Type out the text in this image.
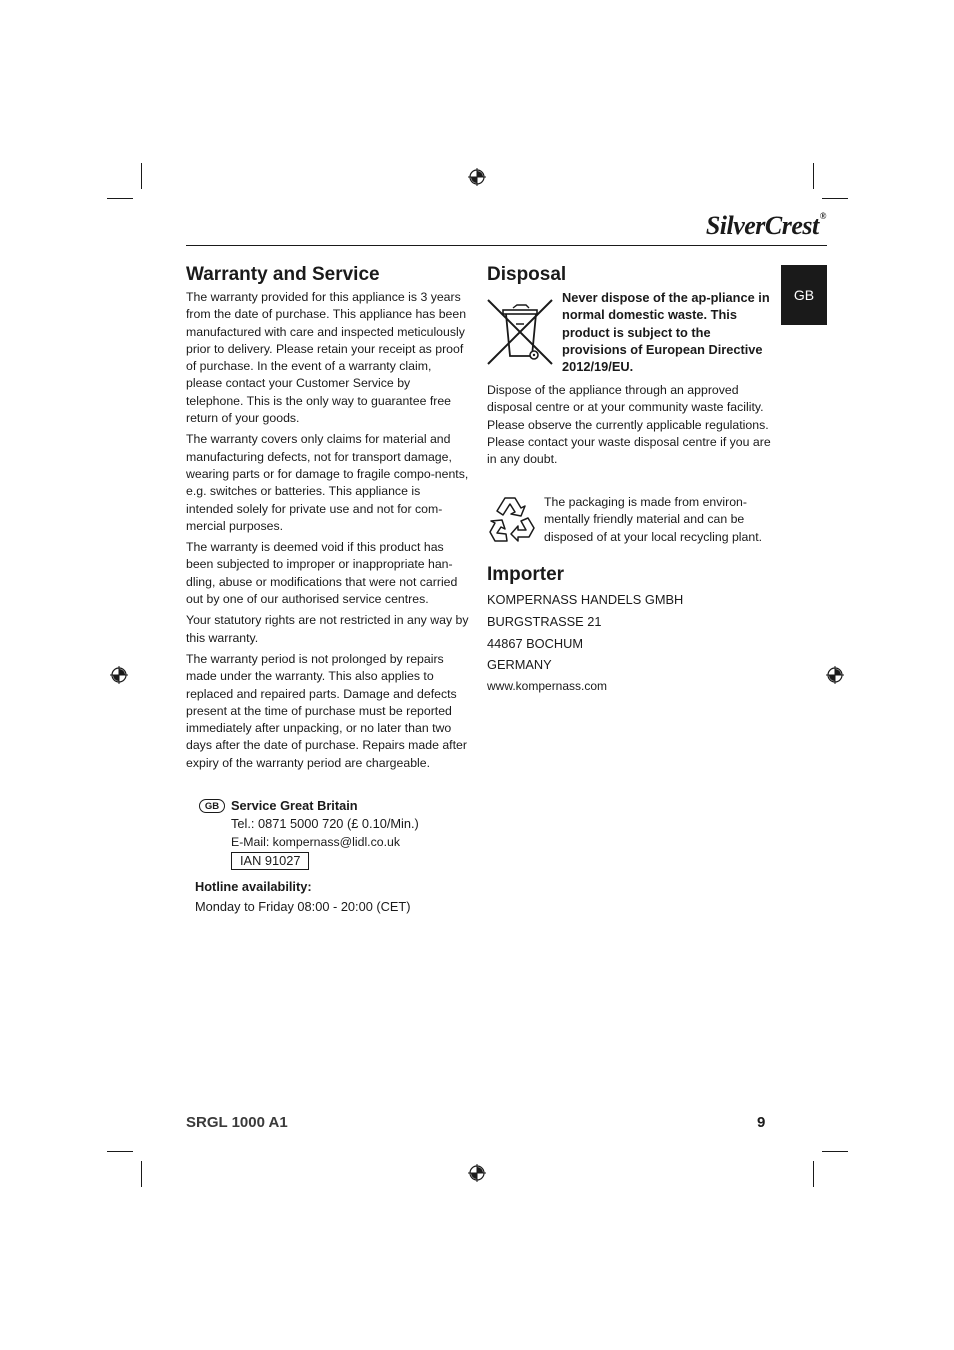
SilverCrest®
GB
Warranty and Service

The warranty provided for this appliance is 3 years from the date of purchase. This appliance has been manufactured with care and inspected meticulously prior to delivery. Please retain your receipt as proof of purchase. In the event of a warranty claim, please contact your Customer Service by telephone. This is the only way to guarantee free return of your goods.

The warranty covers only claims for material and manufacturing defects, not for transport damage, wearing parts or for damage to fragile compo-nents, e.g. switches or batteries. This appliance is intended solely for private use and not for com-mercial purposes.

The warranty is deemed void if this product has been subjected to improper or inappropriate han-dling, abuse or modifications that were not carried out by one of our authorised service centres.

Your statutory rights are not restricted in any way by this warranty.

The warranty period is not prolonged by repairs made under the warranty. This also applies to replaced and repaired parts. Damage and defects present at the time of purchase must be reported immediately after unpacking, or no later than two days after the date of purchase. Repairs made after expiry of the warranty period are chargeable.

GB Service Great Britain
Tel.: 0871 5000 720 (£ 0.10/Min.)
E-Mail: kompernass@lidl.co.uk
IAN 91027
Hotline availability:
Monday to Friday 08:00 - 20:00 (CET)
Disposal
Never dispose of the ap-pliance in normal domestic waste. This product is subject to the provisions of European Directive 2012/19/EU.
Dispose of the appliance through an approved disposal centre or at your community waste facility. Please observe the currently applicable regulations. Please contact your waste disposal centre if you are in any doubt.
The packaging is made from environ-mentally friendly material and can be disposed of at your local recycling plant.
Importer
KOMPERNASS HANDELS GMBH
BURGSTRASSE 21
44867 BOCHUM
GERMANY
www.kompernass.com
SRGL 1000 A1	9
